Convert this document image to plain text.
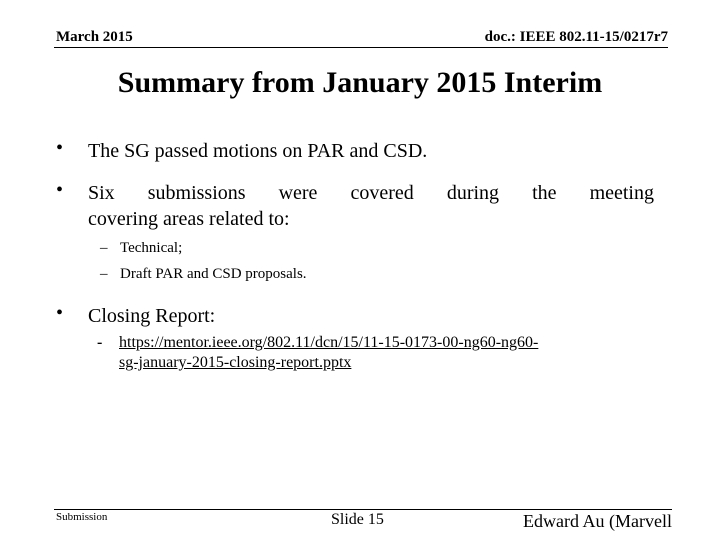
March 2015	doc.: IEEE 802.11-15/0217r7
Summary from January 2015 Interim
• The SG passed motions on PAR and CSD.
• Six submissions were covered during the meeting
covering areas related to:
– Technical;
– Draft PAR and CSD proposals.
• Closing Report:
- https://mentor.ieee.org/802.11/dcn/15/11-15-0173-00-ng60-ng60-
sg-january-2015-closing-report.pptx
Submission	Slide 15	Edward Au (Marvell
